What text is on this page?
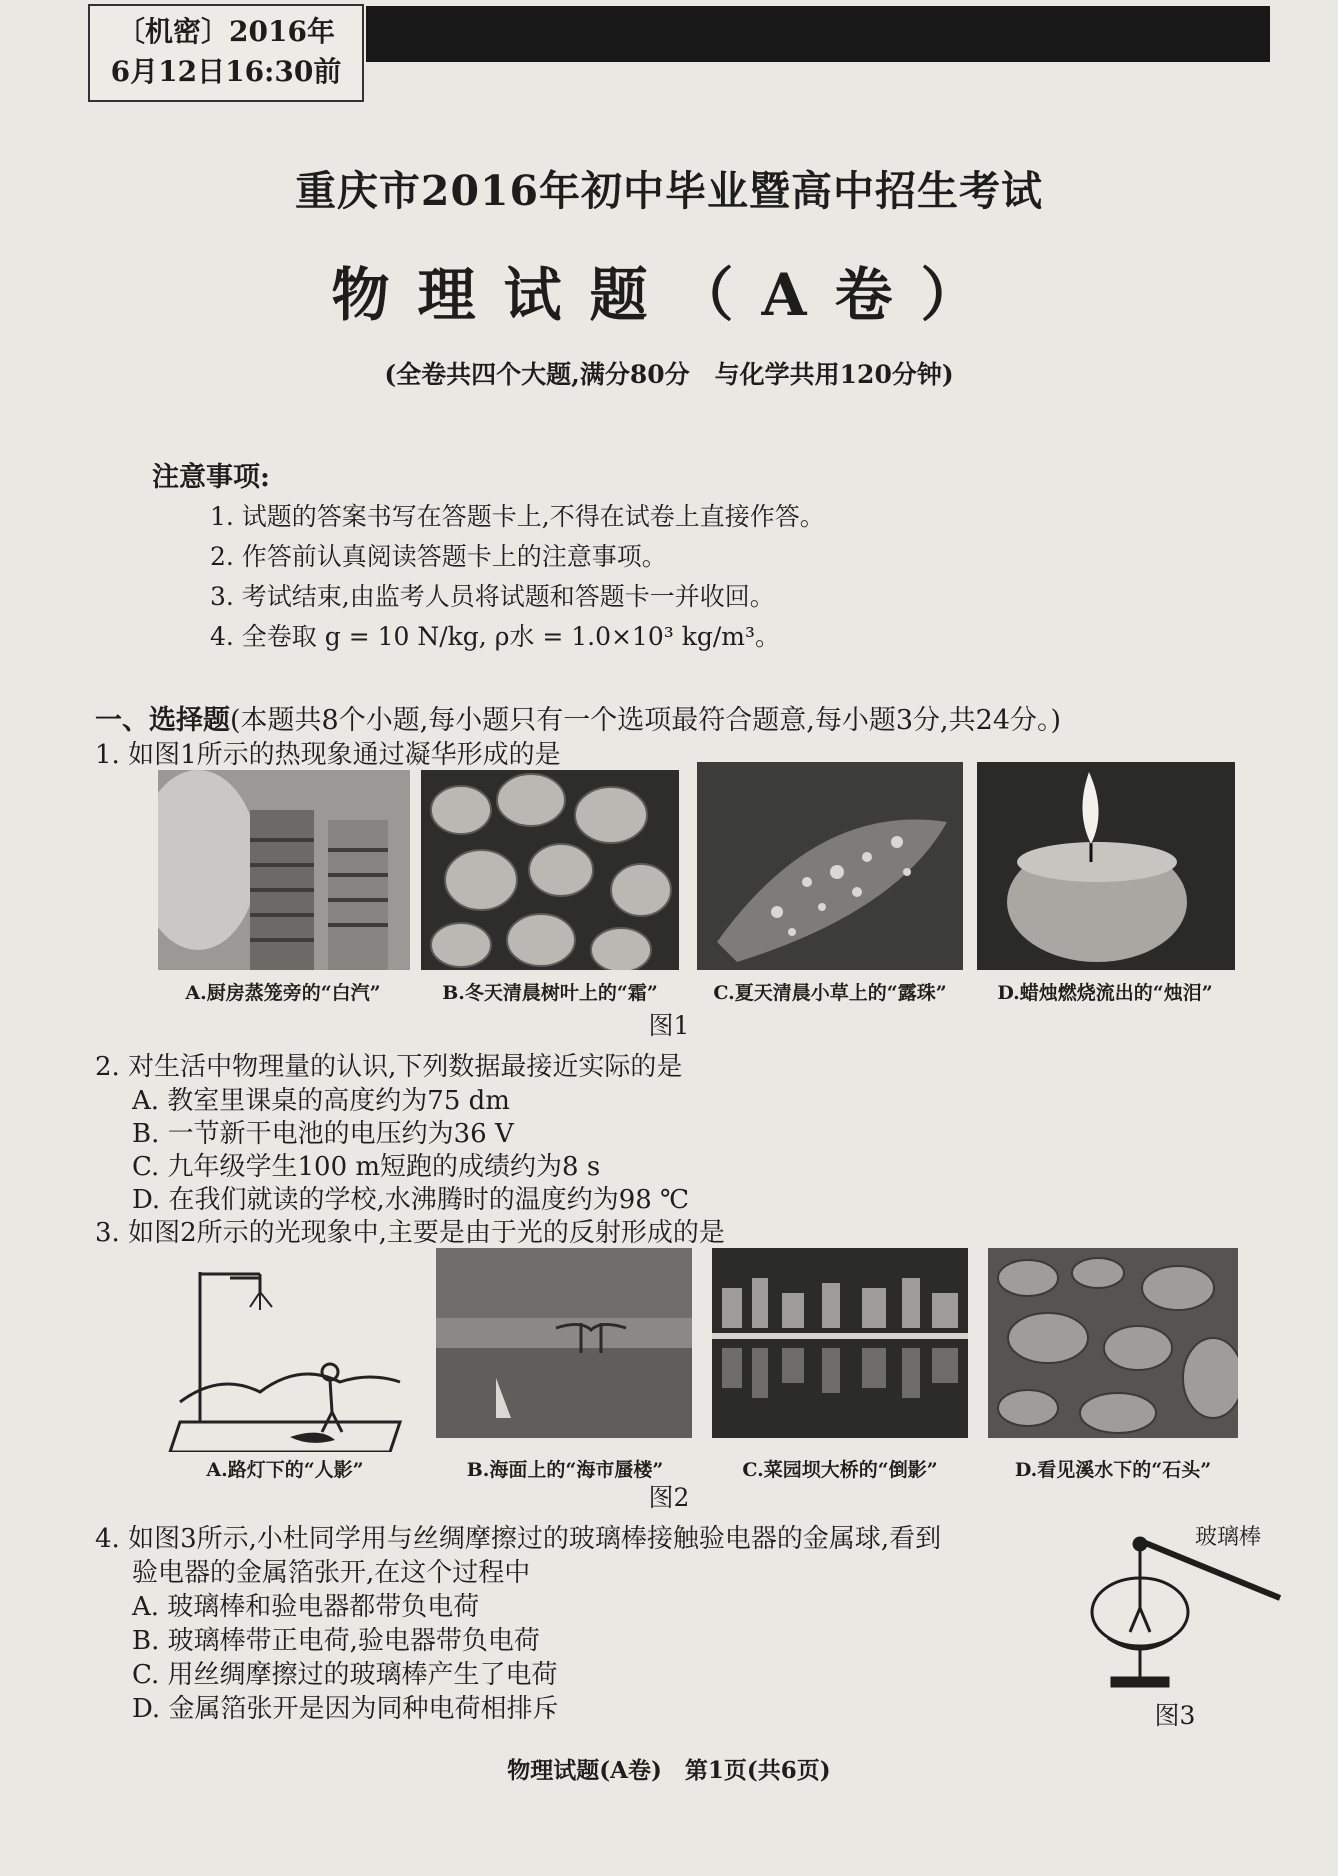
〔机密〕2016年
6月12日16:30前
重庆市2016年初中毕业暨高中招生考试
物理试题（A卷）
(全卷共四个大题,满分80分　与化学共用120分钟)
注意事项:
1. 试题的答案书写在答题卡上,不得在试卷上直接作答。
2. 作答前认真阅读答题卡上的注意事项。
3. 考试结束,由监考人员将试题和答题卡一并收回。
4. 全卷取 g = 10 N/kg, ρ水 = 1.0×10³ kg/m³。
一、选择题(本题共8个小题,每小题只有一个选项最符合题意,每小题3分,共24分。)
1. 如图1所示的热现象通过凝华形成的是
A.厨房蒸笼旁的“白汽”	B.冬天清晨树叶上的“霜”	C.夏天清晨小草上的“露珠”	D.蜡烛燃烧流出的“烛泪”
图1
2. 对生活中物理量的认识,下列数据最接近实际的是
A. 教室里课桌的高度约为75 dm
B. 一节新干电池的电压约为36 V
C. 九年级学生100 m短跑的成绩约为8 s
D. 在我们就读的学校,水沸腾时的温度约为98 ℃
3. 如图2所示的光现象中,主要是由于光的反射形成的是
A.路灯下的“人影”	B.海面上的“海市蜃楼”	C.菜园坝大桥的“倒影”	D.看见溪水下的“石头”
图2
4. 如图3所示,小杜同学用与丝绸摩擦过的玻璃棒接触验电器的金属球,看到
验电器的金属箔张开,在这个过程中
A. 玻璃棒和验电器都带负电荷
B. 玻璃棒带正电荷,验电器带负电荷
C. 用丝绸摩擦过的玻璃棒产生了电荷
D. 金属箔张开是因为同种电荷相排斥
玻璃棒
图3
物理试题(A卷)　第1页(共6页)
